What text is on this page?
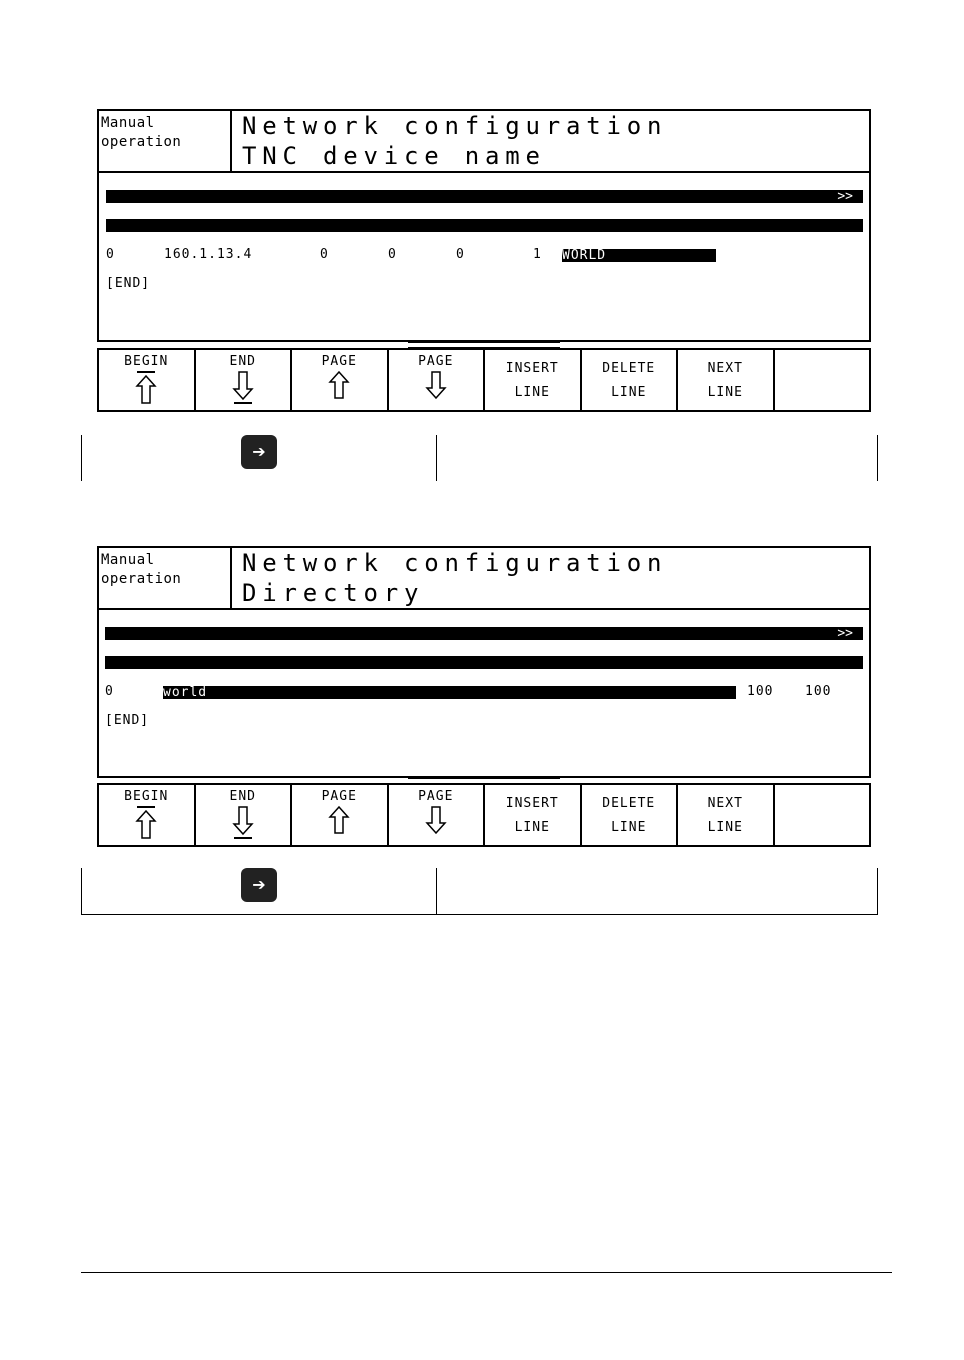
Manual
operation
Network configuration
TNC device name

>>

0	160.1.13.4	0	0	0	1 WORLD
[END]
BEGIN	END	PAGE	PAGE	INSERT
LINE
DELETE
LINE
NEXT
LINE
➔
Manual
operation
Network configuration
Directory

>>

0	world	100 100
[END]
BEGIN	END	PAGE	PAGE	INSERT
LINE
DELETE
LINE
NEXT
LINE
➔
